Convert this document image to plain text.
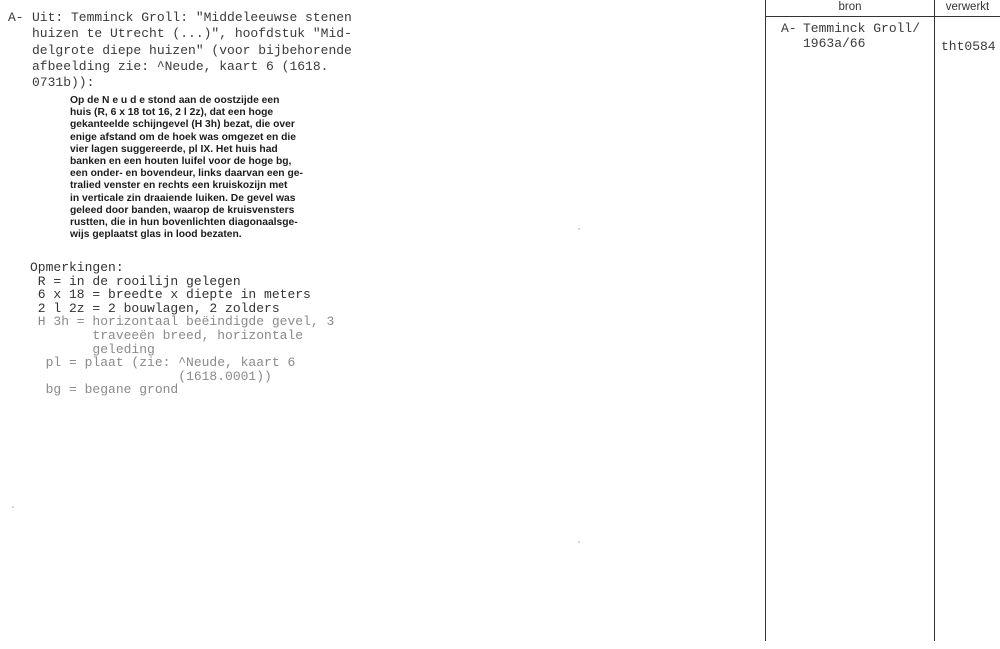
A- Uit: Temminck Groll: "Middeleeuwse stenen
huizen te Utrecht (...)", hoofdstuk "Mid-
delgrote diepe huizen" (voor bijbehorende
afbeelding zie: ^Neude, kaart 6 (1618.
0731b)):
Op de N e u d e stond aan de oostzijde een
huis (R, 6 x 18 tot 16, 2 l 2z), dat een hoge
gekanteelde schijngevel (H 3h) bezat, die over
enige afstand om de hoek was omgezet en die
vier lagen suggereerde, pl IX. Het huis had
banken en een houten luifel voor de hoge bg,
een onder- en bovendeur, links daarvan een ge-
tralied venster en rechts een kruiskozijn met
in verticale zin draaiende luiken. De gevel was
geleed door banden, waarop de kruisvensters
rustten, die in hun bovenlichten diagonaalsge-
wijs geplaatst glas in lood bezaten.
Opmerkingen:
R = in de rooilijn gelegen
6 x 18 = breedte x diepte in meters
2 l 2z = 2 bouwlagen, 2 zolders
H 3h = horizontaal beëindigde gevel, 3
traveeën breed, horizontale
geleding
pl = plaat (zie: ^Neude, kaart 6
(1618.0001))
bg = begane grond
bron	verwerkt
A- Temminck Groll/
1963a/66	tht0584
